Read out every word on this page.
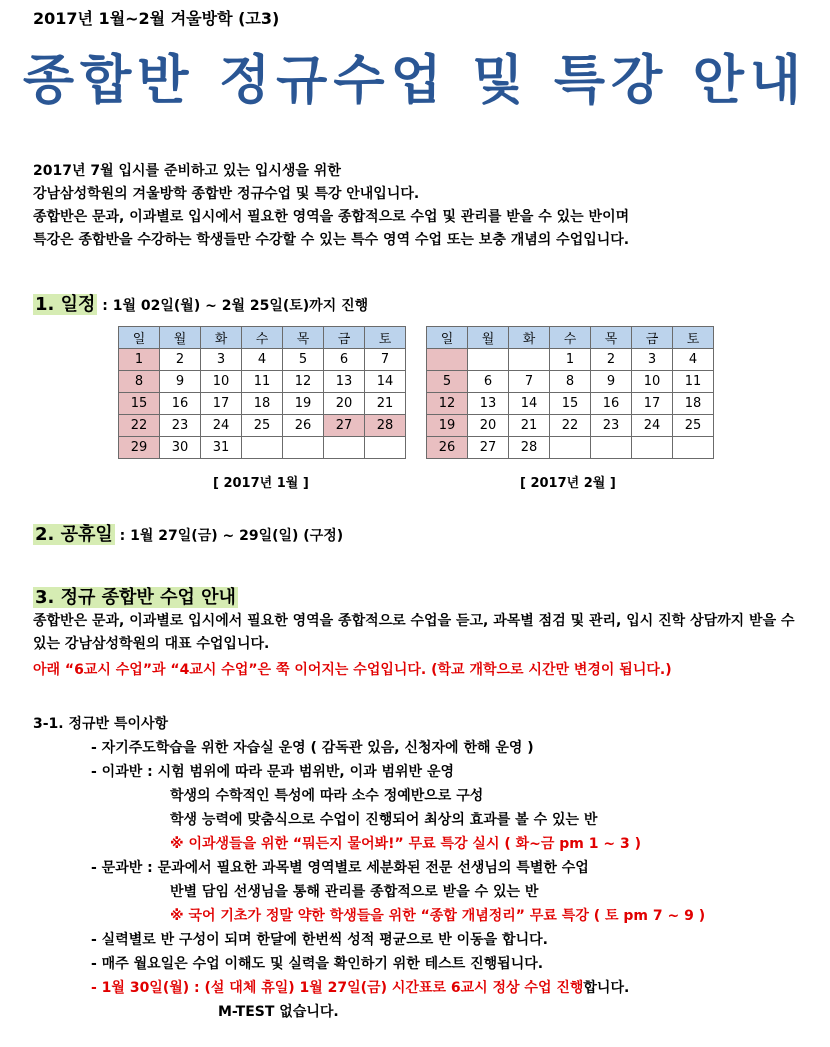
2017년 1월~2월 겨울방학 (고3)
종합반 정규수업 및 특강 안내
2017년 7월 입시를 준비하고 있는 입시생을 위한
강남삼성학원의 겨울방학 종합반 정규수업 및 특강 안내입니다.
종합반은 문과, 이과별로 입시에서 필요한 영역을 종합적으로 수업 및 관리를 받을 수 있는 반이며
특강은 종합반을 수강하는 학생들만 수강할 수 있는 특수 영역 수업 또는 보충 개념의 수업입니다.
1. 일정 : 1월 02일(월) ~ 2월 25일(토)까지 진행
일	월	화	수	목	금	토
1	2	3	4	5	6	7
8	9	10	11	12	13	14
15	16	17	18	19	20	21
22	23	24	25	26	27	28
29	30	31				
일	월	화	수	목	금	토
			1	2	3	4
5	6	7	8	9	10	11
12	13	14	15	16	17	18
19	20	21	22	23	24	25
26	27	28				
[ 2017년 1월 ]	[ 2017년 2월 ]
2. 공휴일 : 1월 27일(금) ~ 29일(일) (구정)
3. 정규 종합반 수업 안내
종합반은 문과, 이과별로 입시에서 필요한 영역을 종합적으로 수업을 듣고, 과목별 점검 및 관리, 입시 진학 상담까지 받을 수 있는 강남삼성학원의 대표 수업입니다.
아래 “6교시 수업”과 “4교시 수업”은 쭉 이어지는 수업입니다. (학교 개학으로 시간만 변경이 됩니다.)
3-1. 정규반 특이사항
- 자기주도학습을 위한 자습실 운영 ( 감독관 있음, 신청자에 한해 운영 )
- 이과반 : 시험 범위에 따라 문과 범위반, 이과 범위반 운영
학생의 수학적인 특성에 따라 소수 정예반으로 구성
학생 능력에 맞춤식으로 수업이 진행되어 최상의 효과를 볼 수 있는 반
※ 이과생들을 위한 “뭐든지 물어봐!” 무료 특강 실시 ( 화~금 pm 1 ~ 3 )
- 문과반 : 문과에서 필요한 과목별 영역별로 세분화된 전문 선생님의 특별한 수업
반별 담임 선생님을 통해 관리를 종합적으로 받을 수 있는 반
※ 국어 기초가 정말 약한 학생들을 위한 “종합 개념정리” 무료 특강 ( 토 pm 7 ~ 9 )
- 실력별로 반 구성이 되며 한달에 한번씩 성적 평균으로 반 이동을 합니다.
- 매주 월요일은 수업 이해도 및 실력을 확인하기 위한 테스트 진행됩니다.
- 1월 30일(월) : (설 대체 휴일) 1월 27일(금) 시간표로 6교시 정상 수업 진행합니다.
M-TEST 없습니다.
